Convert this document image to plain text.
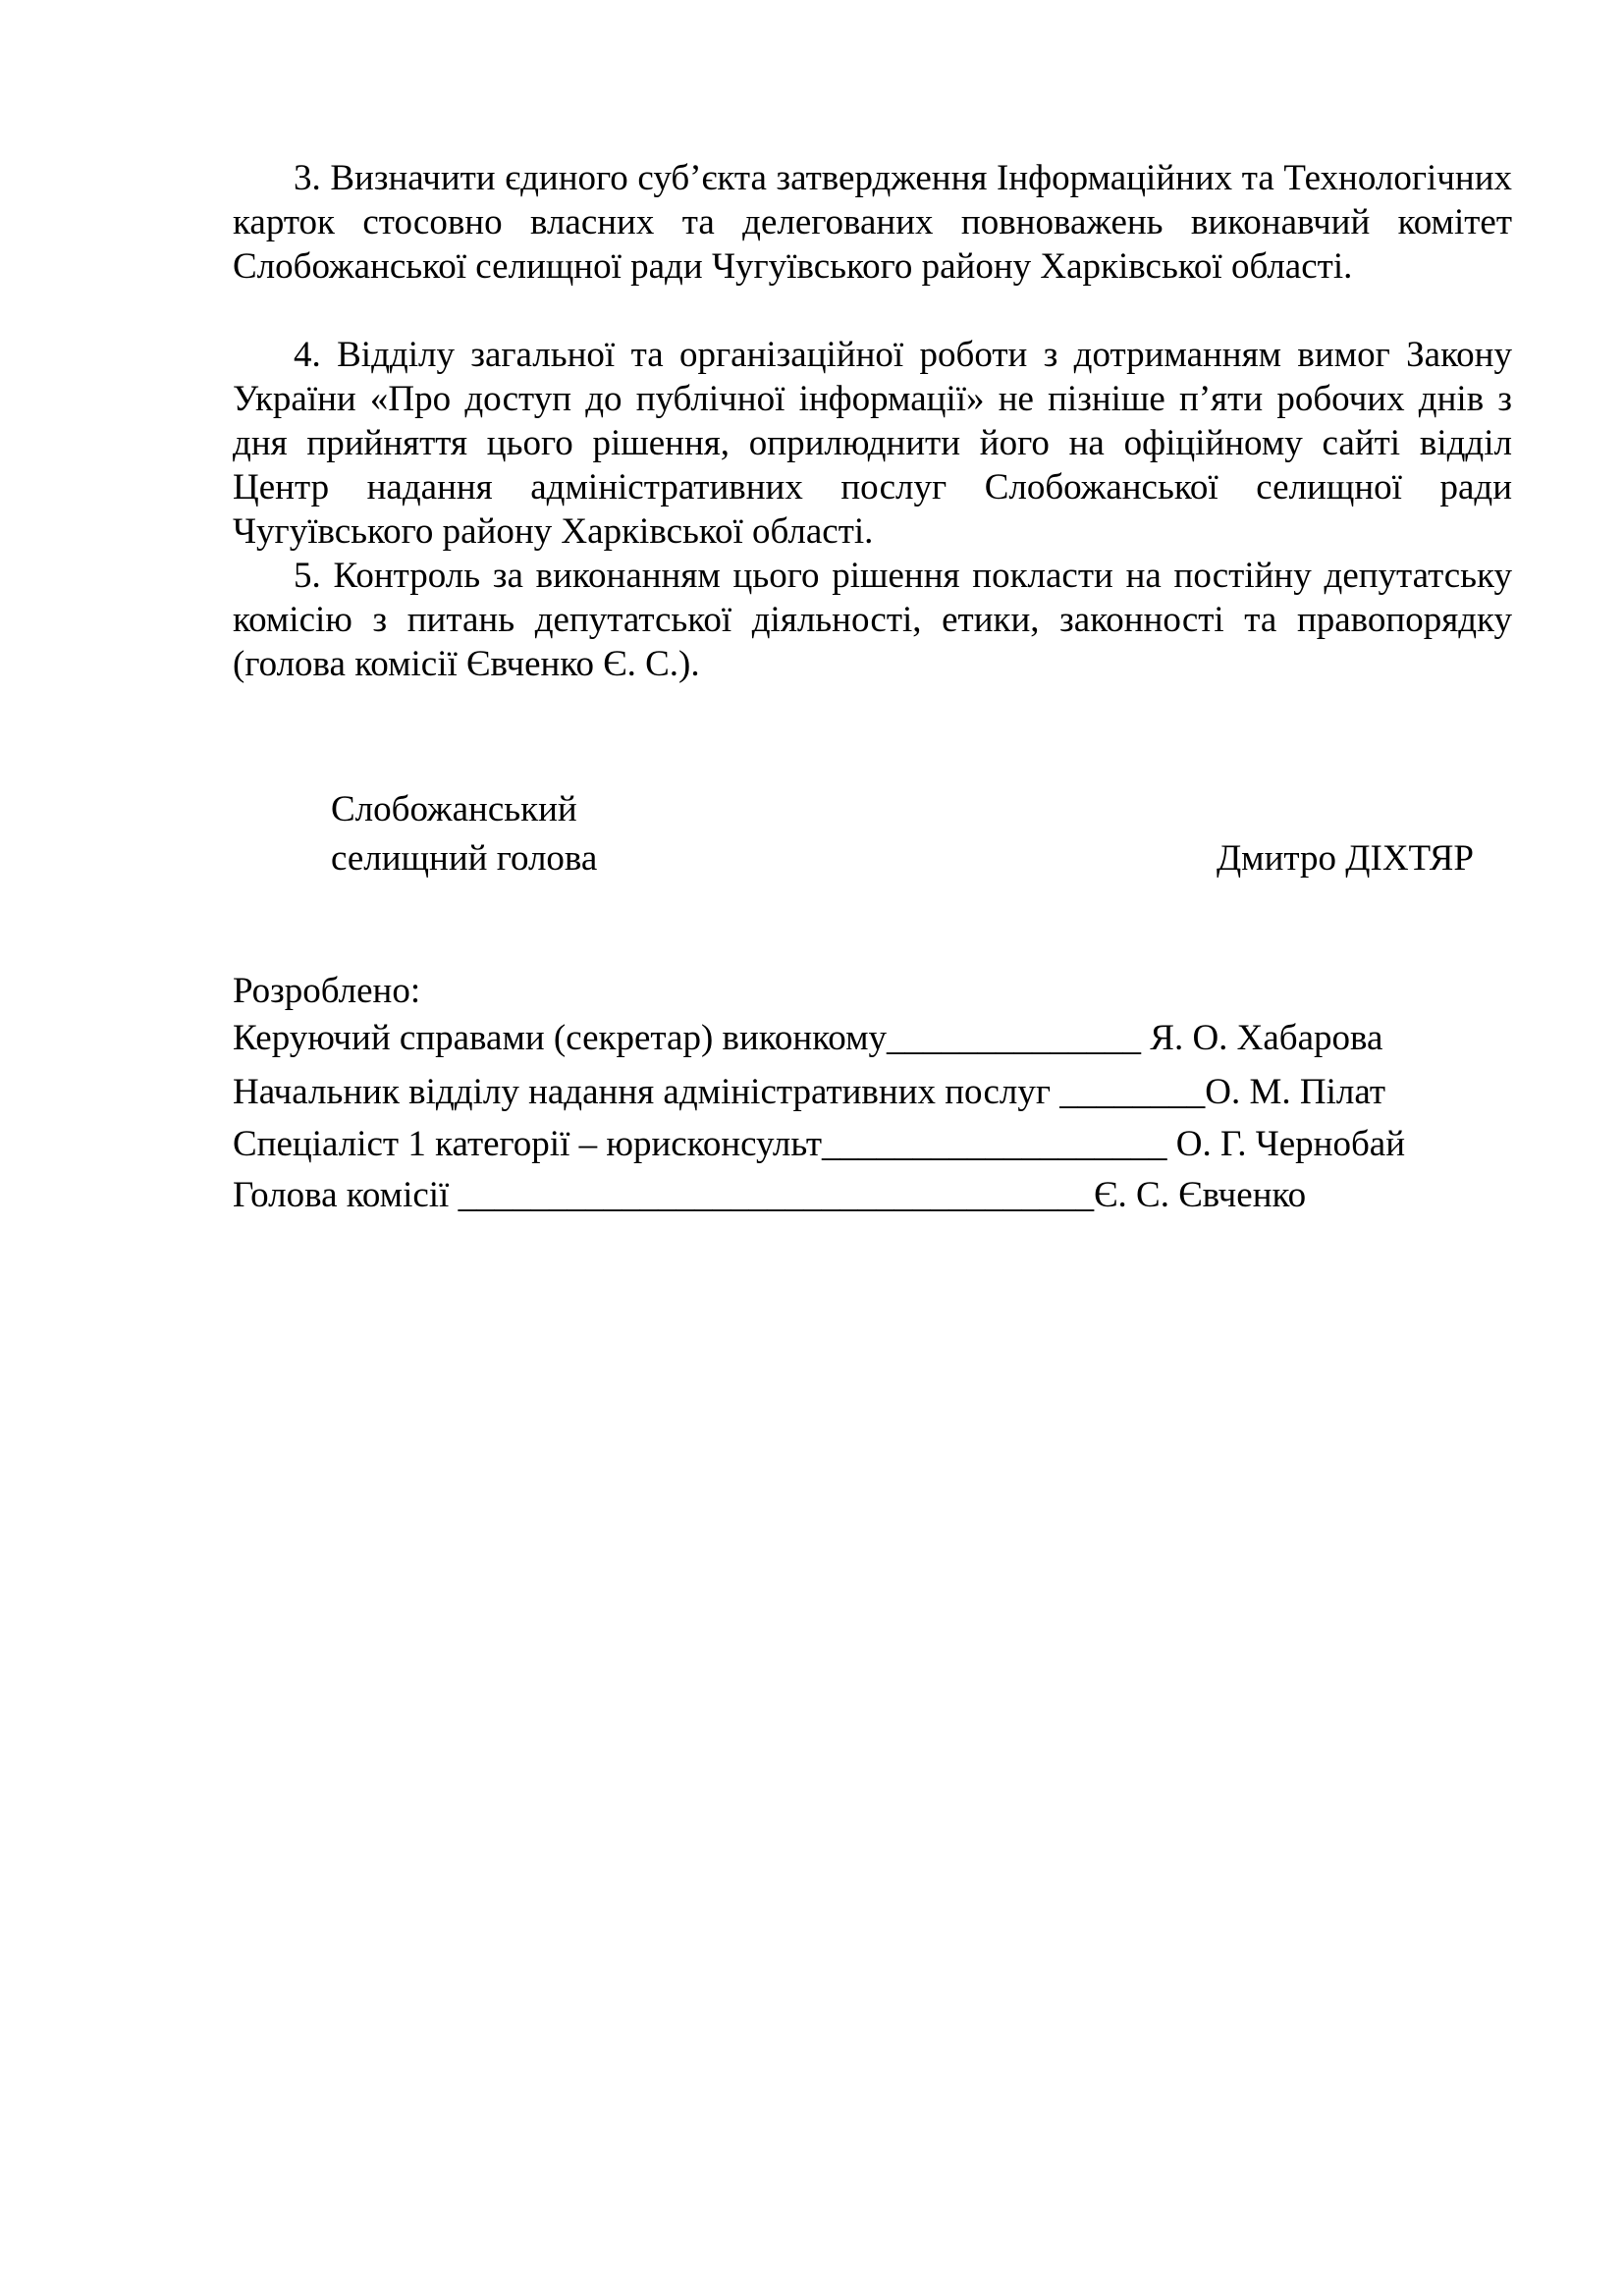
3. Визначити єдиного суб’єкта затвердження Інформаційних та Технологічних карток стосовно власних та делегованих повноважень виконавчий комітет Слобожанської селищної ради Чугуївського району Харківської області.

4. Відділу загальної та організаційної роботи з дотриманням вимог Закону України «Про доступ до публічної інформації» не пізніше п’яти робочих днів з дня прийняття цього рішення, оприлюднити його на офіційному сайті відділ Центр надання адміністративних послуг Слобожанської селищної ради Чугуївського району Харківської області.

5. Контроль за виконанням цього рішення покласти на постійну депутатську комісію з питань депутатської діяльності, етики, законності та правопорядку (голова комісії Євченко Є. С.).

Слобожанський
селищний голова	Дмитро ДІХТЯР
Розроблено:
Керуючий справами (секретар) виконкому______________ Я. О. Хабарова
Начальник відділу надання адміністративних послуг ________О. М. Пілат
Спеціаліст 1 категорії – юрисконсульт___________________ О. Г. Чернобай
Голова комісії ___________________________________Є. С. Євченко
